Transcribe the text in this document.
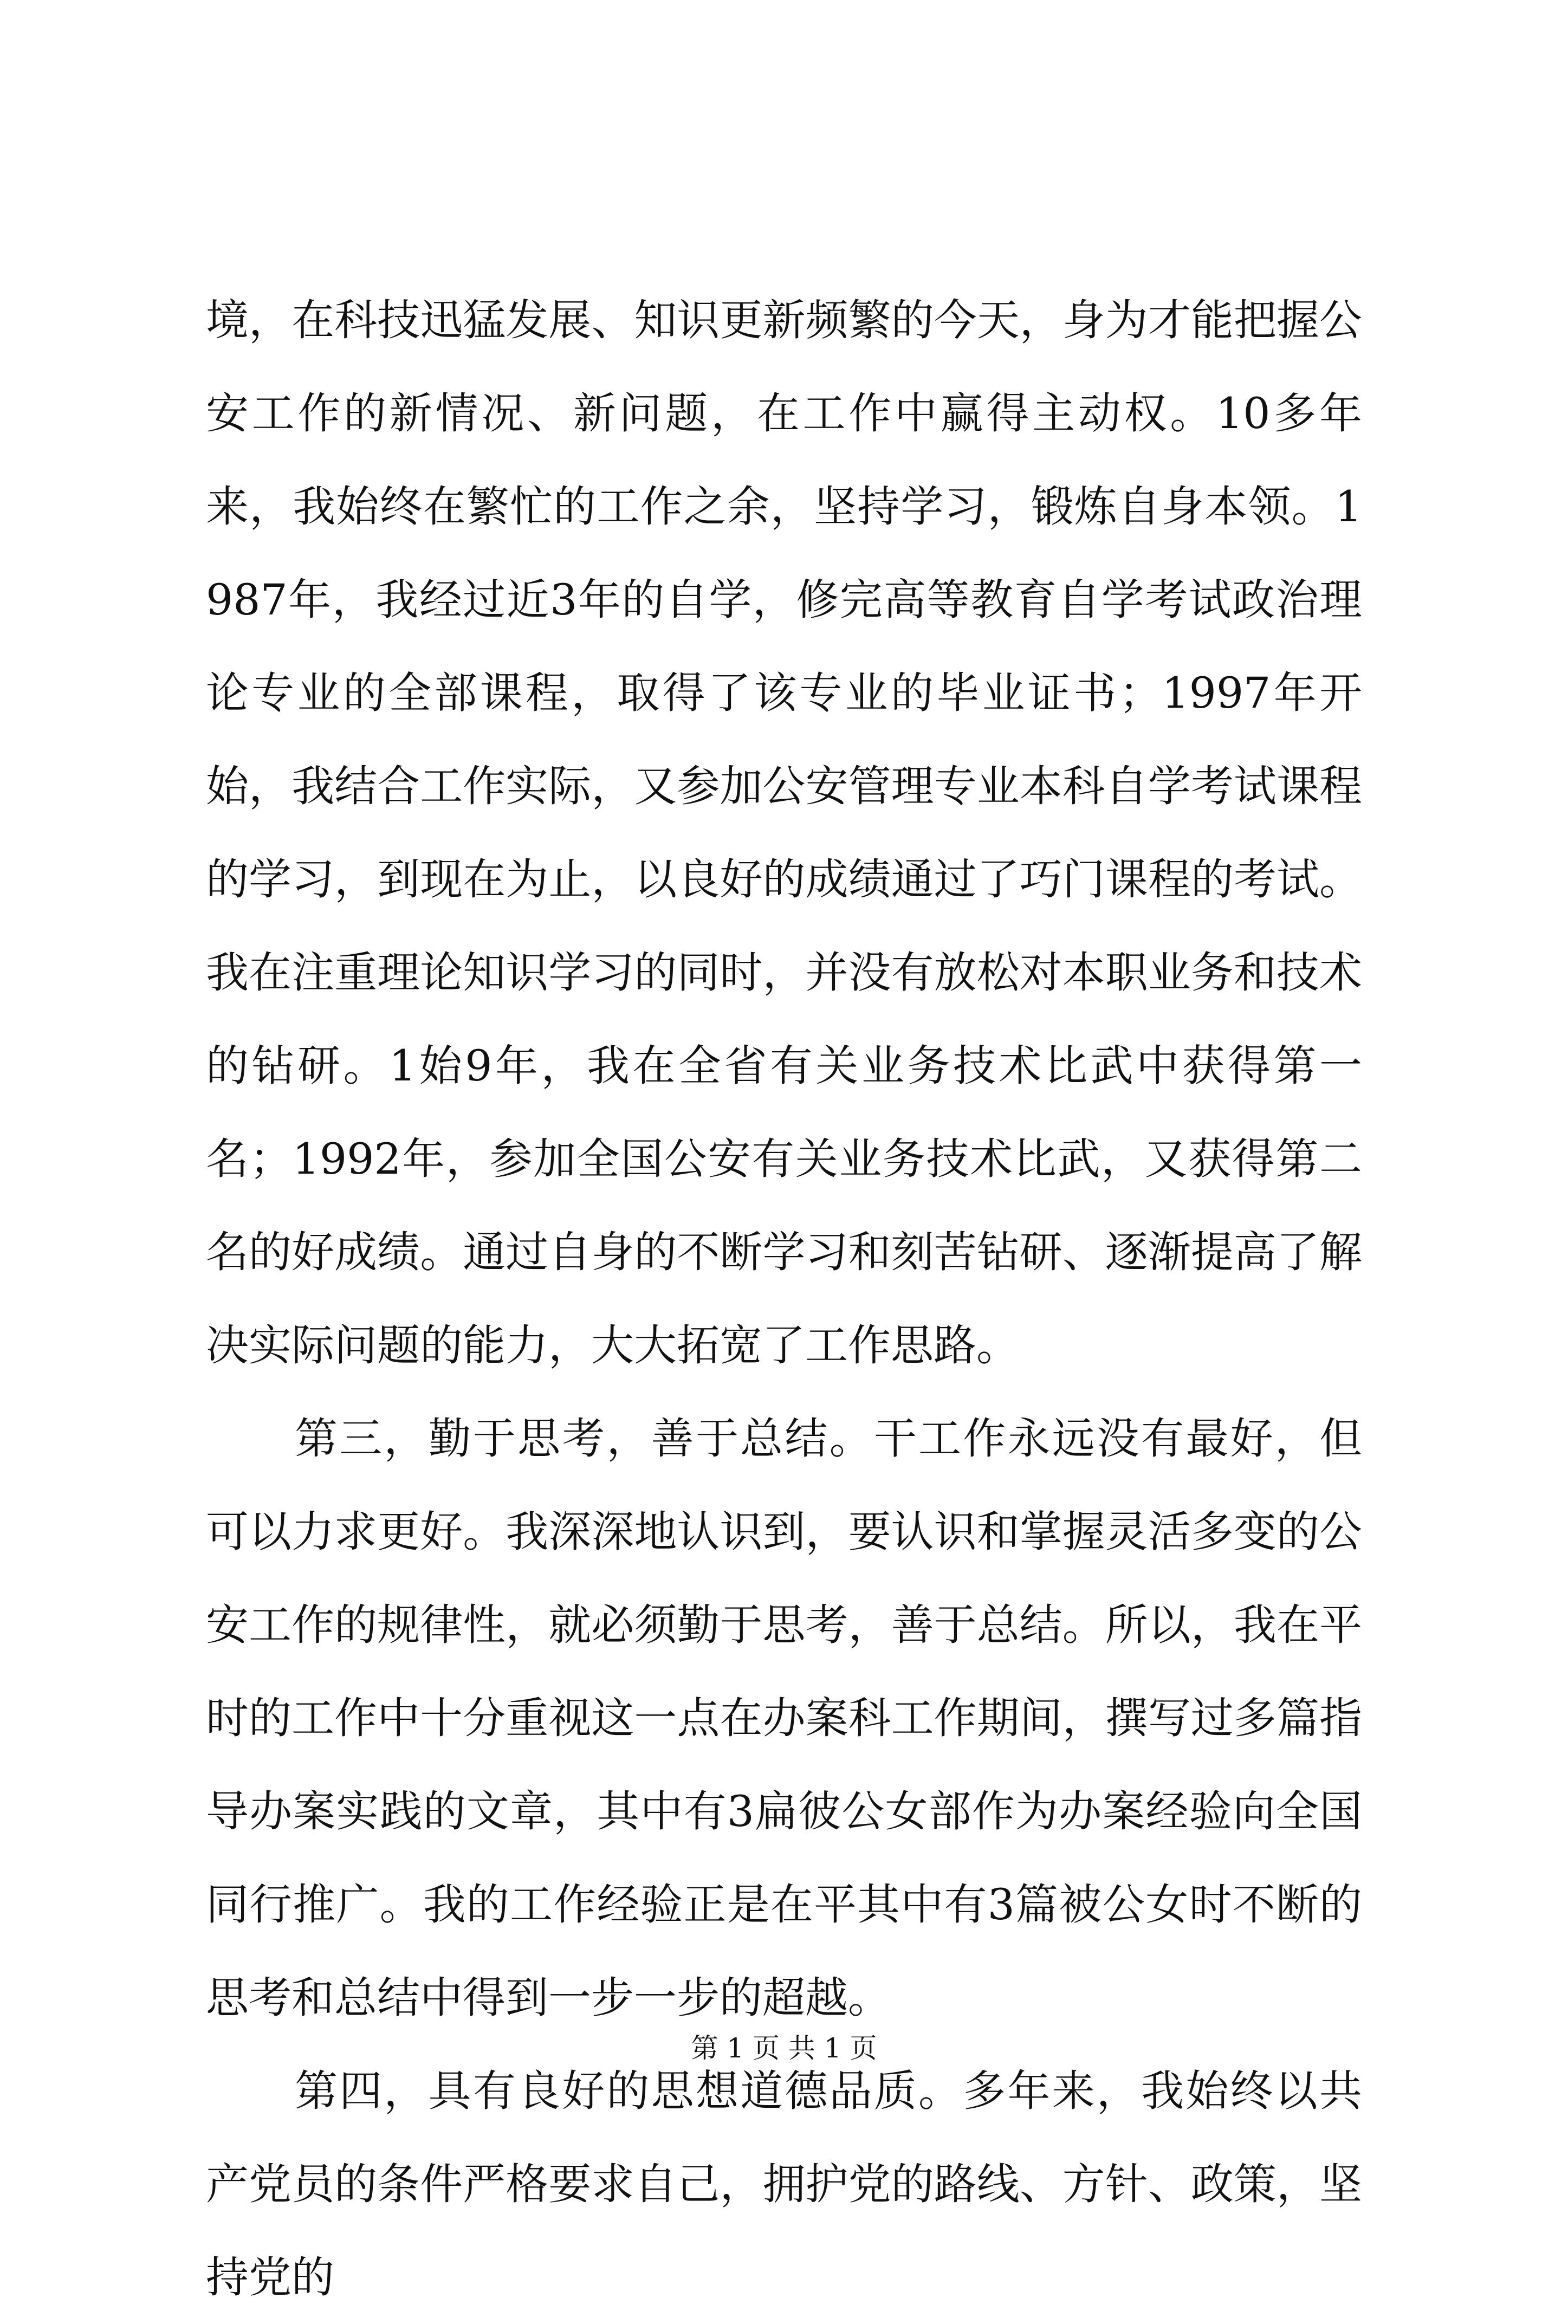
境，在科技迅猛发展、知识更新频繁的今天，身为才能把握公安工作的新情况、新问题，在工作中赢得主动权。10多年来，我始终在繁忙的工作之余，坚持学习，锻炼自身本领。1987年，我经过近3年的自学，修完高等教育自学考试政治理论专业的全部课程，取得了该专业的毕业证书；1997年开始，我结合工作实际，又参加公安管理专业本科自学考试课程的学习，到现在为止，以良好的成绩通过了巧门课程的考试。我在注重理论知识学习的同时，并没有放松对本职业务和技术的钻研。1始9年，我在全省有关业务技术比武中获得第一名；1992年，参加全国公安有关业务技术比武，又获得第二名的好成绩。通过自身的不断学习和刻苦钻研、逐渐提高了解决实际问题的能力，大大拓宽了工作思路。

第三，勤于思考，善于总结。干工作永远没有最好，但可以力求更好。我深深地认识到，要认识和掌握灵活多变的公安工作的规律性，就必须勤于思考，善于总结。所以，我在平时的工作中十分重视这一点在办案科工作期间，撰写过多篇指导办案实践的文章，其中有3扁彼公女部作为办案经验向全国同行推广。我的工作经验正是在平其中有3篇被公女时不断的思考和总结中得到一步一步的超越。

第四，具有良好的思想道德品质。多年来，我始终以共产党员的条件严格要求自己，拥护党的路线、方针、政策，坚持党的

第 1 页 共 1 页
